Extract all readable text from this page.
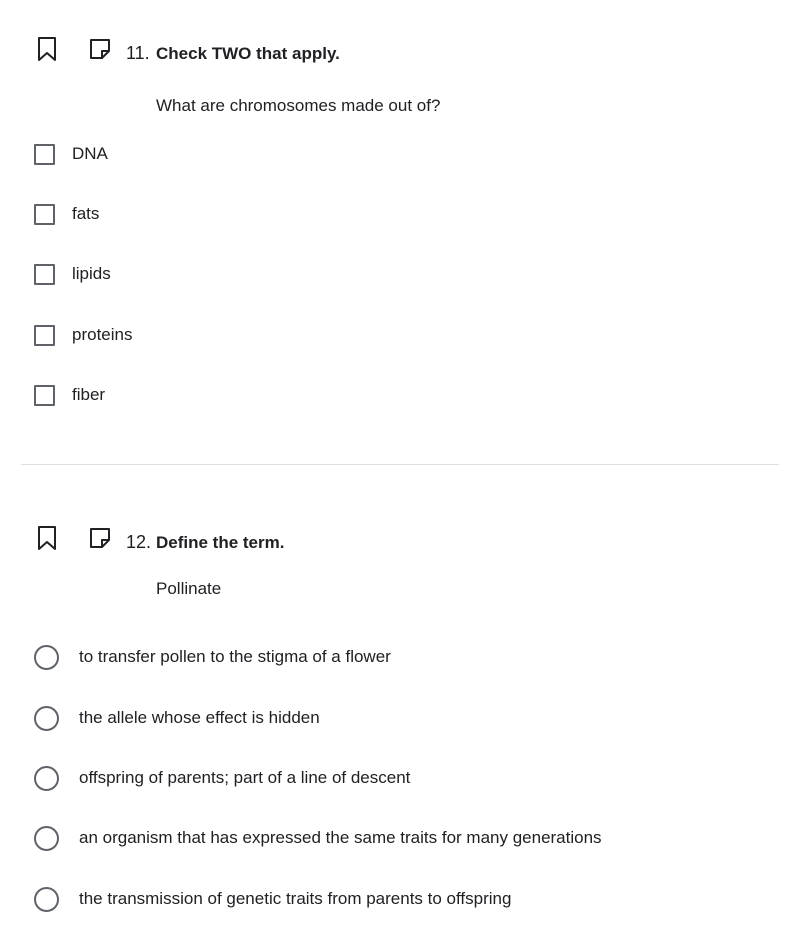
11. Check TWO that apply.
What are chromosomes made out of?
DNA
fats
lipids
proteins
fiber
12. Define the term.
Pollinate
to transfer pollen to the stigma of a flower
the allele whose effect is hidden
offspring of parents; part of a line of descent
an organism that has expressed the same traits for many generations
the transmission of genetic traits from parents to offspring
